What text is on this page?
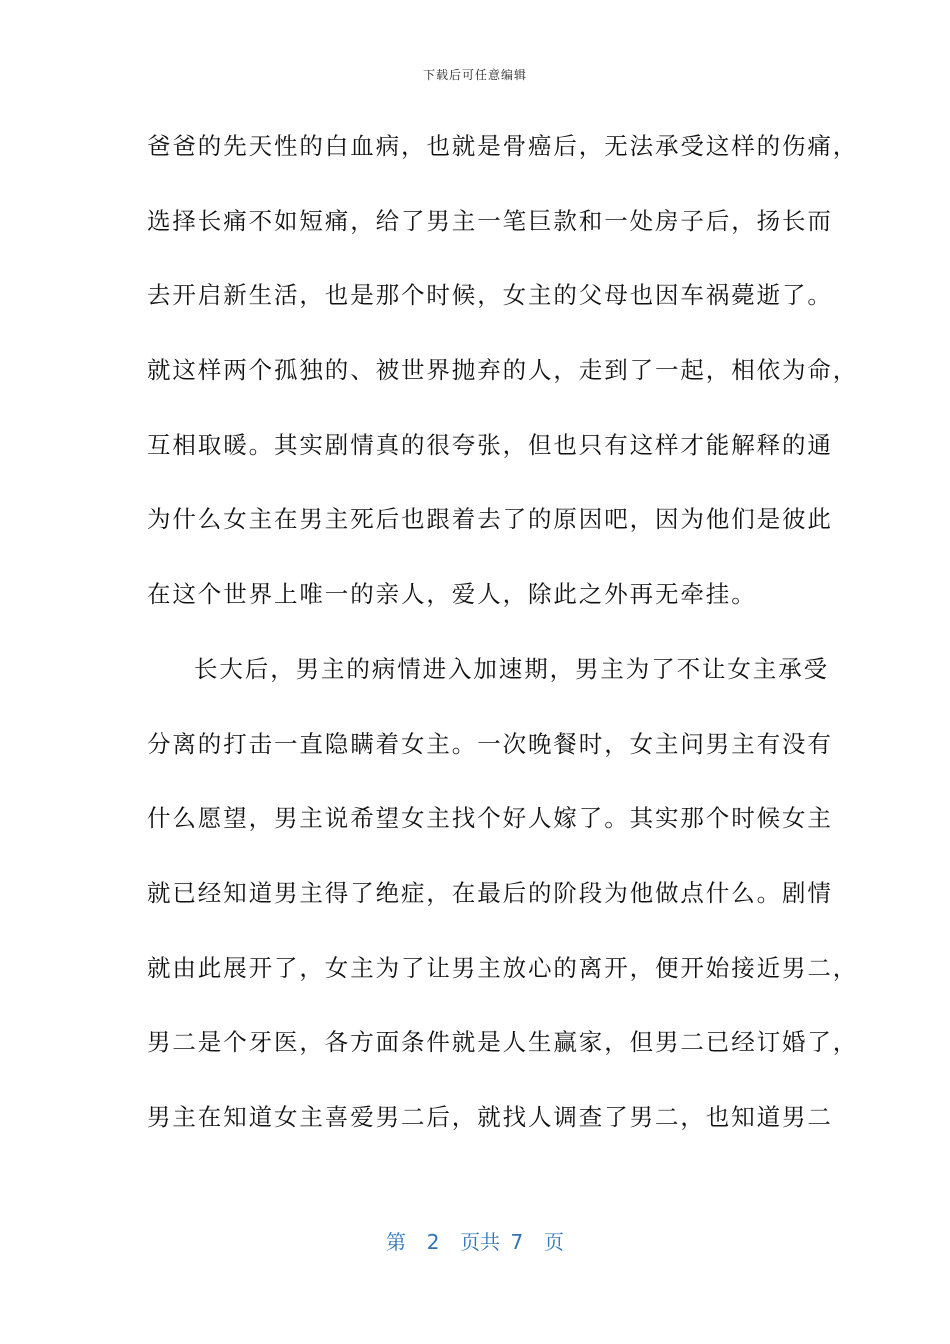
下载后可任意编辑
爸爸的先天性的白血病，也就是骨癌后，无法承受这样的伤痛，
选择长痛不如短痛，给了男主一笔巨款和一处房子后，扬长而
去开启新生活，也是那个时候，女主的父母也因车祸薨逝了。
就这样两个孤独的、被世界抛弃的人，走到了一起，相依为命，
互相取暖。其实剧情真的很夸张，但也只有这样才能解释的通
为什么女主在男主死后也跟着去了的原因吧，因为他们是彼此
在这个世界上唯一的亲人，爱人，除此之外再无牵挂。
长大后，男主的病情进入加速期，男主为了不让女主承受
分离的打击一直隐瞒着女主。一次晚餐时，女主问男主有没有
什么愿望，男主说希望女主找个好人嫁了。其实那个时候女主
就已经知道男主得了绝症，在最后的阶段为他做点什么。剧情
就由此展开了，女主为了让男主放心的离开，便开始接近男二，
男二是个牙医，各方面条件就是人生赢家，但男二已经订婚了，
男主在知道女主喜爱男二后，就找人调查了男二，也知道男二
第  2  页共 7  页
